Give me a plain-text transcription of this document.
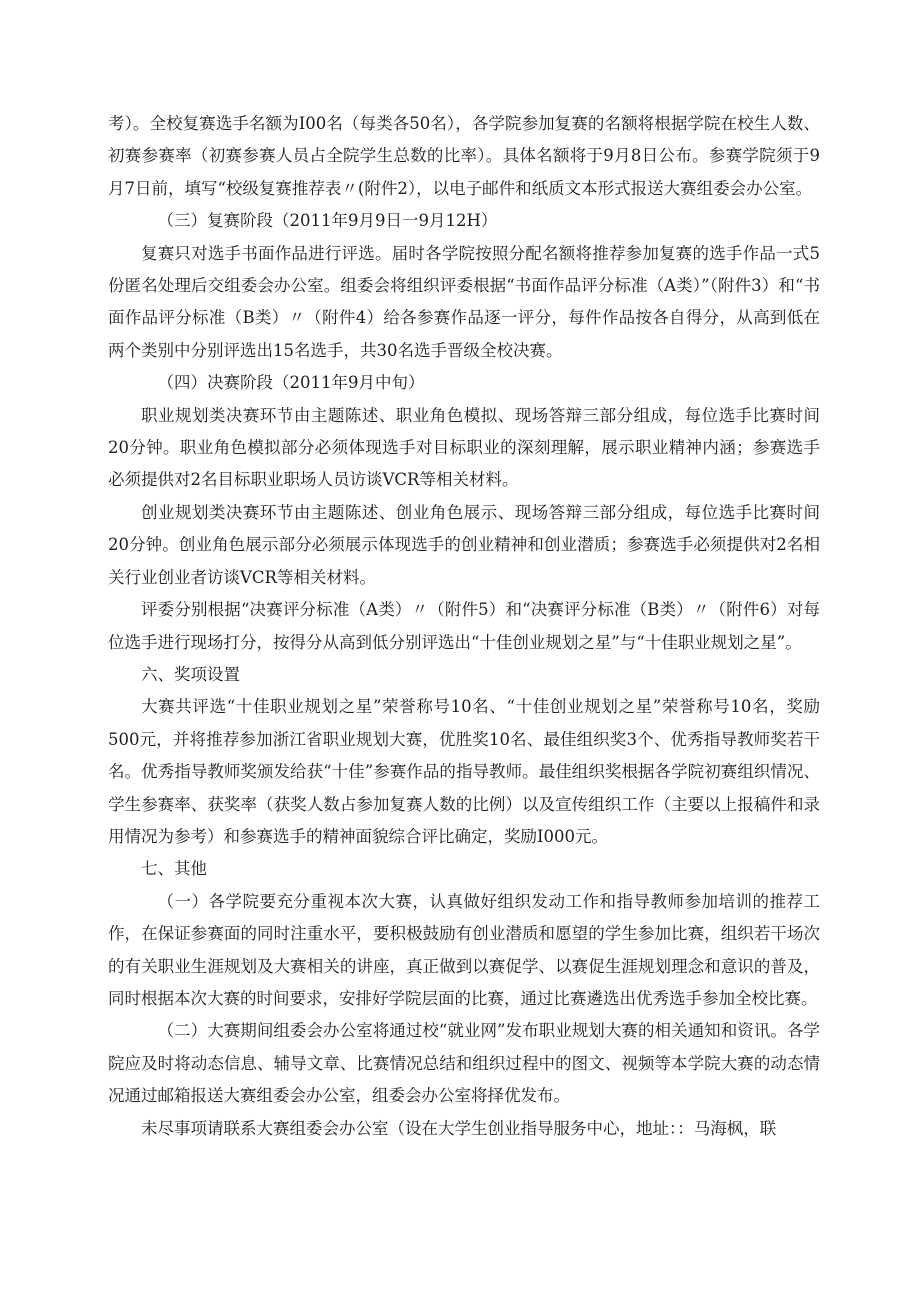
考）。全校复赛选手名额为I00名（每类各50名），各学院参加复赛的名额将根据学院在校生人数、初赛参赛率（初赛参赛人员占全院学生总数的比率）。具体名额将于9月8日公布。参赛学院须于9月7日前，填写“校级复赛推荐表〃(附件2），以电子邮件和纸质文本形式报送大赛组委会办公室。

（三）复赛阶段（2011年9月9日一9月12H）

复赛只对选手书面作品进行评选。届时各学院按照分配名额将推荐参加复赛的选手作品一式5份匿名处理后交组委会办公室。组委会将组织评委根据“书面作品评分标准（A类）”（附件3）和“书面作品评分标准（B类）〃（附件4）给各参赛作品逐一评分，每件作品按各自得分，从高到低在两个类别中分别评选出15名选手，共30名选手晋级全校决赛。

（四）决赛阶段（2011年9月中旬）

职业规划类决赛环节由主题陈述、职业角色模拟、现场答辩三部分组成，每位选手比赛时间20分钟。职业角色模拟部分必须体现选手对目标职业的深刻理解，展示职业精神内涵；参赛选手必须提供对2名目标职业职场人员访谈VCR等相关材料。

创业规划类决赛环节由主题陈述、创业角色展示、现场答辩三部分组成，每位选手比赛时间20分钟。创业角色展示部分必须展示体现选手的创业精神和创业潜质；参赛选手必须提供对2名相关行业创业者访谈VCR等相关材料。

评委分别根据“决赛评分标准（A类）〃（附件5）和“决赛评分标准（B类）〃（附件6）对每位选手进行现场打分，按得分从高到低分别评选出“十佳创业规划之星”与“十佳职业规划之星”。

六、奖项设置

大赛共评选“十佳职业规划之星”荣誉称号10名、“十佳创业规划之星”荣誉称号10名，奖励500元，并将推荐参加浙江省职业规划大赛，优胜奖10名、最佳组织奖3个、优秀指导教师奖若干名。优秀指导教师奖颁发给获“十佳”参赛作品的指导教师。最佳组织奖根据各学院初赛组织情况、学生参赛率、获奖率（获奖人数占参加复赛人数的比例）以及宣传组织工作（主要以上报稿件和录用情况为参考）和参赛选手的精神面貌综合评比确定，奖励I000元。

七、其他

（一）各学院要充分重视本次大赛，认真做好组织发动工作和指导教师参加培训的推荐工作，在保证参赛面的同时注重水平，要积极鼓励有创业潜质和愿望的学生参加比赛，组织若干场次的有关职业生涯规划及大赛相关的讲座，真正做到以赛促学、以赛促生涯规划理念和意识的普及，同时根据本次大赛的时间要求，安排好学院层面的比赛，通过比赛遴选出优秀选手参加全校比赛。

（二）大赛期间组委会办公室将通过校“就业网”发布职业规划大赛的相关通知和资讯。各学院应及时将动态信息、辅导文章、比赛情况总结和组织过程中的图文、视频等本学院大赛的动态情况通过邮箱报送大赛组委会办公室，组委会办公室将择优发布。

未尽事项请联系大赛组委会办公室（设在大学生创业指导服务中心，地址：：马海枫，联
